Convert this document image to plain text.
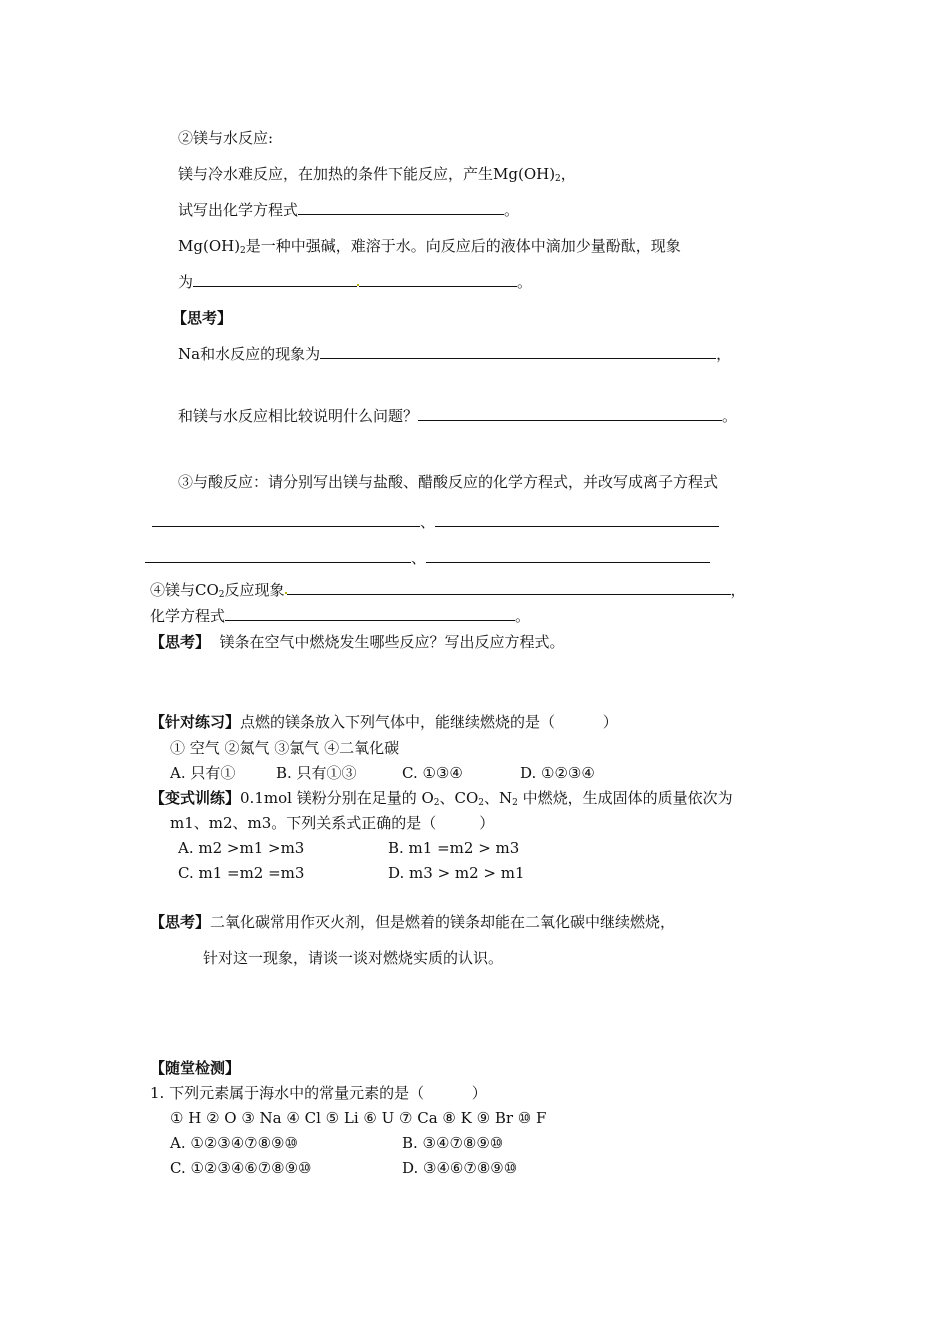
②镁与水反应:
镁与冷水难反应，在加热的条件下能反应，产生$Mg(OH)_2$，
试写出化学方程式	。
$Mg(OH)_2$是一种中强碱，难溶于水。向反应后的液体中滴加少量酚酞，现象
为	。
【思考】
Na和水反应的现象为	，
和镁与水反应相比较说明什么问题？	。
③与酸反应：请分别写出镁与盐酸、醋酸反应的化学方程式，并改写成离子方程式
、
、
④镁与$CO_2$反应现象	，
化学方程式	。
【思考】  镁条在空气中燃烧发生哪些反应？写出反应方程式。
【针对练习】点燃的镁条放入下列气体中，能继续燃烧的是（          ）
① 空气 ②氮气 ③氯气 ④二氧化碳
A. 只有①	B. 只有①③	C. ①③④	D. ①②③④
【变式训练】0.1mol 镁粉分别在足量的 $O_2$、$CO_2$、$N_2$ 中燃烧，生成固体的质量依次为
m1、m2、m3。下列关系式正确的是（         ）
A. m2 >m1 >m3	B. m1 =m2 > m3
C. m1 =m2 =m3	D. m3 > m2 > m1
【思考】二氧化碳常用作灭火剂，但是燃着的镁条却能在二氧化碳中继续燃烧，
针对这一现象，请谈一谈对燃烧实质的认识。
【随堂检测】
1. 下列元素属于海水中的常量元素的是（          ）
① H ② O ③ Na ④ Cl ⑤ Li ⑥ U ⑦ Ca ⑧ K ⑨ Br ⑩ F
A. ①②③④⑦⑧⑨⑩	B. ③④⑦⑧⑨⑩
C. ①②③④⑥⑦⑧⑨⑩	D. ③④⑥⑦⑧⑨⑩
